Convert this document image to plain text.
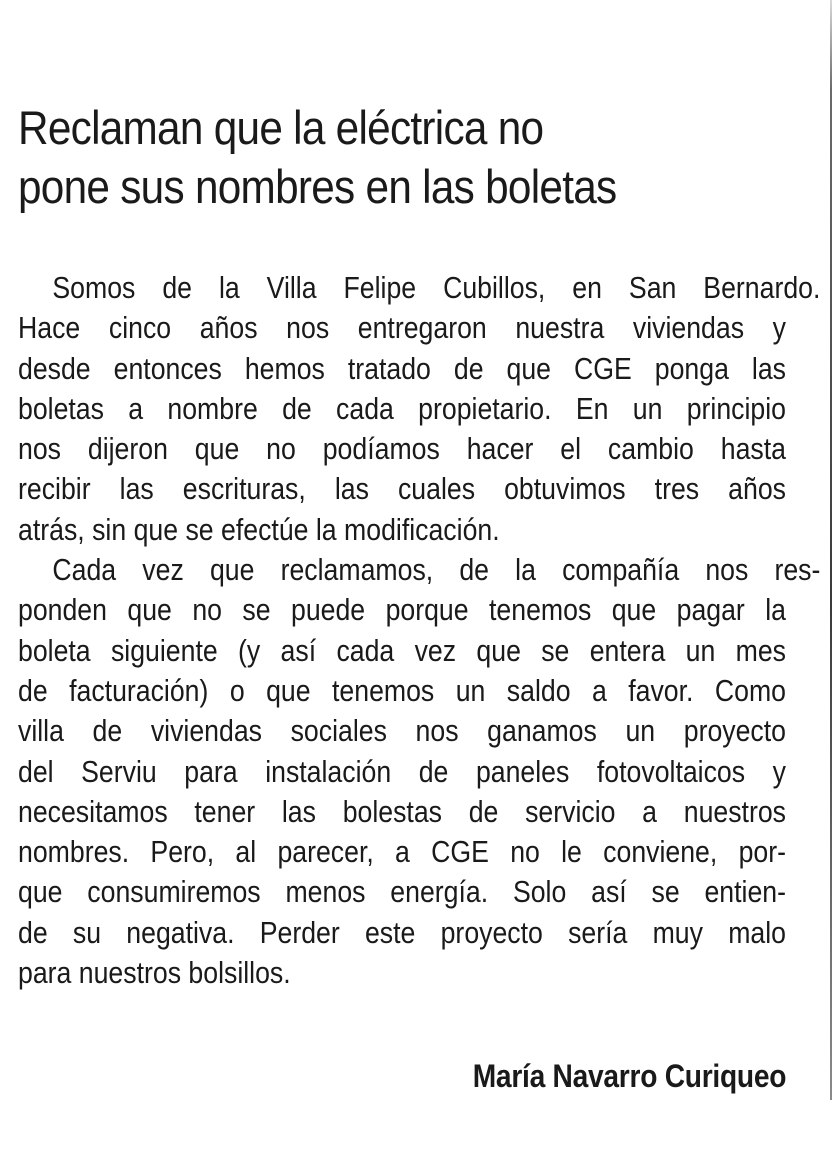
Reclaman que la eléctrica no
pone sus nombres en las boletas
Somos de la Villa Felipe Cubillos, en San Bernardo.
Hace cinco años nos entregaron nuestra viviendas y
desde entonces hemos tratado de que CGE ponga las
boletas a nombre de cada propietario. En un principio
nos dijeron que no podíamos hacer el cambio hasta
recibir las escrituras, las cuales obtuvimos tres años
atrás, sin que se efectúe la modificación.
Cada vez que reclamamos, de la compañía nos res-
ponden que no se puede porque tenemos que pagar la
boleta siguiente (y así cada vez que se entera un mes
de facturación) o que tenemos un saldo a favor. Como
villa de viviendas sociales nos ganamos un proyecto
del Serviu para instalación de paneles fotovoltaicos y
necesitamos tener las bolestas de servicio a nuestros
nombres. Pero, al parecer, a CGE no le conviene, por-
que consumiremos menos energía. Solo así se entien-
de su negativa. Perder este proyecto sería muy malo
para nuestros bolsillos.
María Navarro Curiqueo
